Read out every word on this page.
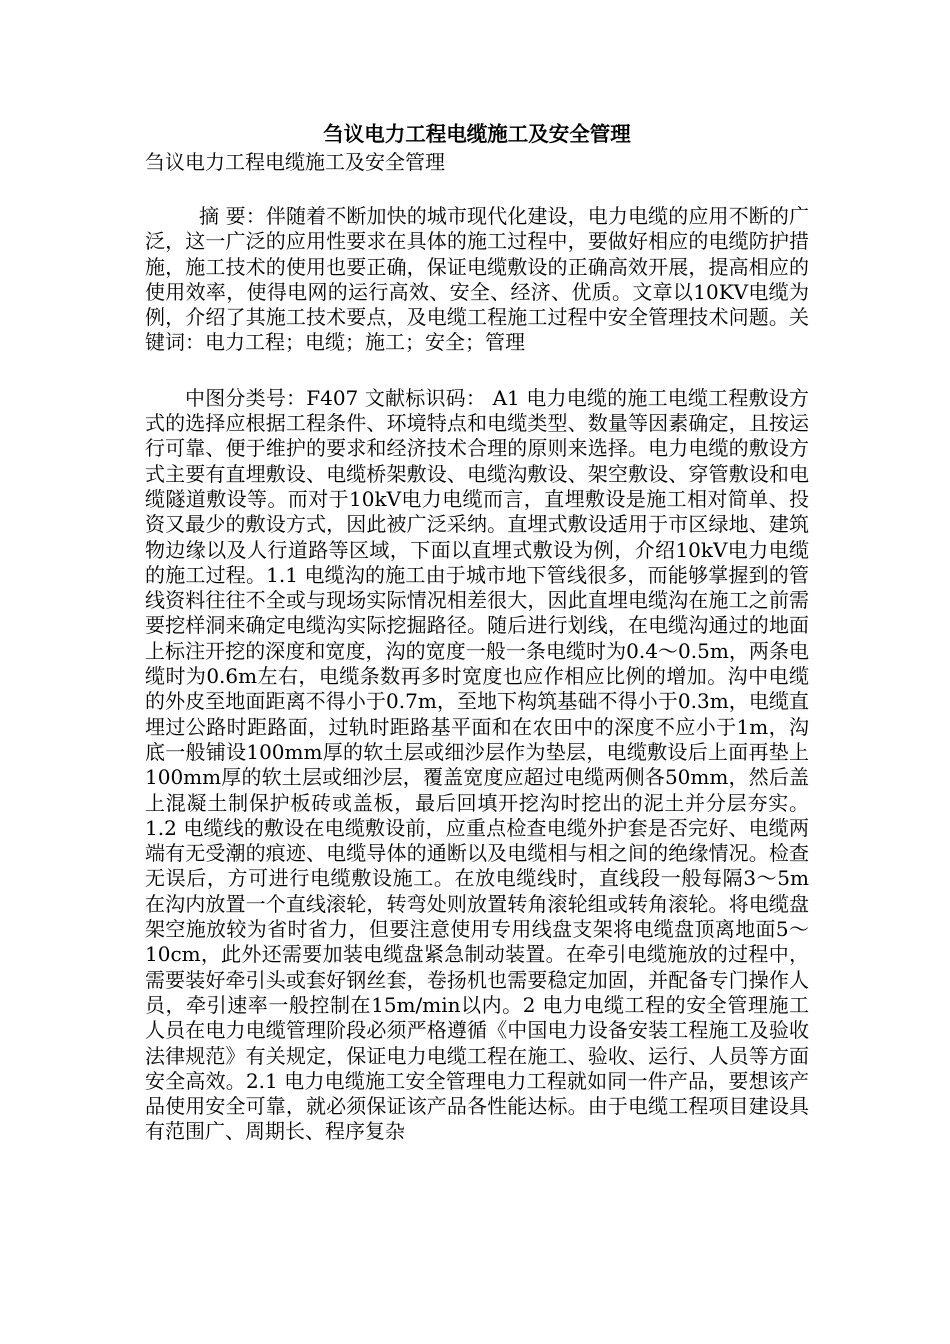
刍议电力工程电缆施工及安全管理

刍议电力工程电缆施工及安全管理

摘 要：伴随着不断加快的城市现代化建设，电力电缆的应用不断的广泛，这一广泛的应用性要求在具体的施工过程中，要做好相应的电缆防护措施，施工技术的使用也要正确，保证电缆敷设的正确高效开展，提高相应的使用效率，使得电网的运行高效、安全、经济、优质。文章以10KV电缆为例，介绍了其施工技术要点，及电缆工程施工过程中安全管理技术问题。关键词：电力工程；电缆；施工；安全；管理

中图分类号：F407 文献标识码： A1 电力电缆的施工电缆工程敷设方式的选择应根据工程条件、环境特点和电缆类型、数量等因素确定，且按运行可靠、便于维护的要求和经济技术合理的原则来选择。电力电缆的敷设方式主要有直埋敷设、电缆桥架敷设、电缆沟敷设、架空敷设、穿管敷设和电缆隧道敷设等。而对于10kV电力电缆而言，直埋敷设是施工相对简单、投资又最少的敷设方式，因此被广泛采纳。直埋式敷设适用于市区绿地、建筑物边缘以及人行道路等区域，下面以直埋式敷设为例，介绍10kV电力电缆的施工过程。1.1 电缆沟的施工由于城市地下管线很多，而能够掌握到的管线资料往往不全或与现场实际情况相差很大，因此直埋电缆沟在施工之前需要挖样洞来确定电缆沟实际挖掘路径。随后进行划线，在电缆沟通过的地面上标注开挖的深度和宽度，沟的宽度一般一条电缆时为0.4～0.5m，两条电缆时为0.6m左右，电缆条数再多时宽度也应作相应比例的增加。沟中电缆的外皮至地面距离不得小于0.7m，至地下构筑基础不得小于0.3m，电缆直埋过公路时距路面，过轨时距路基平面和在农田中的深度不应小于1m，沟底一般铺设100mm厚的软土层或细沙层作为垫层，电缆敷设后上面再垫上100mm厚的软土层或细沙层，覆盖宽度应超过电缆两侧各50mm，然后盖上混凝土制保护板砖或盖板，最后回填开挖沟时挖出的泥土并分层夯实。1.2 电缆线的敷设在电缆敷设前，应重点检查电缆外护套是否完好、电缆两端有无受潮的痕迹、电缆导体的通断以及电缆相与相之间的绝缘情况。检查无误后，方可进行电缆敷设施工。在放电缆线时，直线段一般每隔3～5m在沟内放置一个直线滚轮，转弯处则放置转角滚轮组或转角滚轮。将电缆盘架空施放较为省时省力，但要注意使用专用线盘支架将电缆盘顶离地面5～10cm，此外还需要加装电缆盘紧急制动装置。在牵引电缆施放的过程中，需要装好牵引头或套好钢丝套，卷扬机也需要稳定加固，并配备专门操作人员，牵引速率一般控制在15m/min以内。2 电力电缆工程的安全管理施工人员在电力电缆管理阶段必须严格遵循《中国电力设备安装工程施工及验收法律规范》有关规定，保证电力电缆工程在施工、验收、运行、人员等方面安全高效。2.1 电力电缆施工安全管理电力工程就如同一件产品，要想该产品使用安全可靠，就必须保证该产品各性能达标。由于电缆工程项目建设具有范围广、周期长、程序复杂
